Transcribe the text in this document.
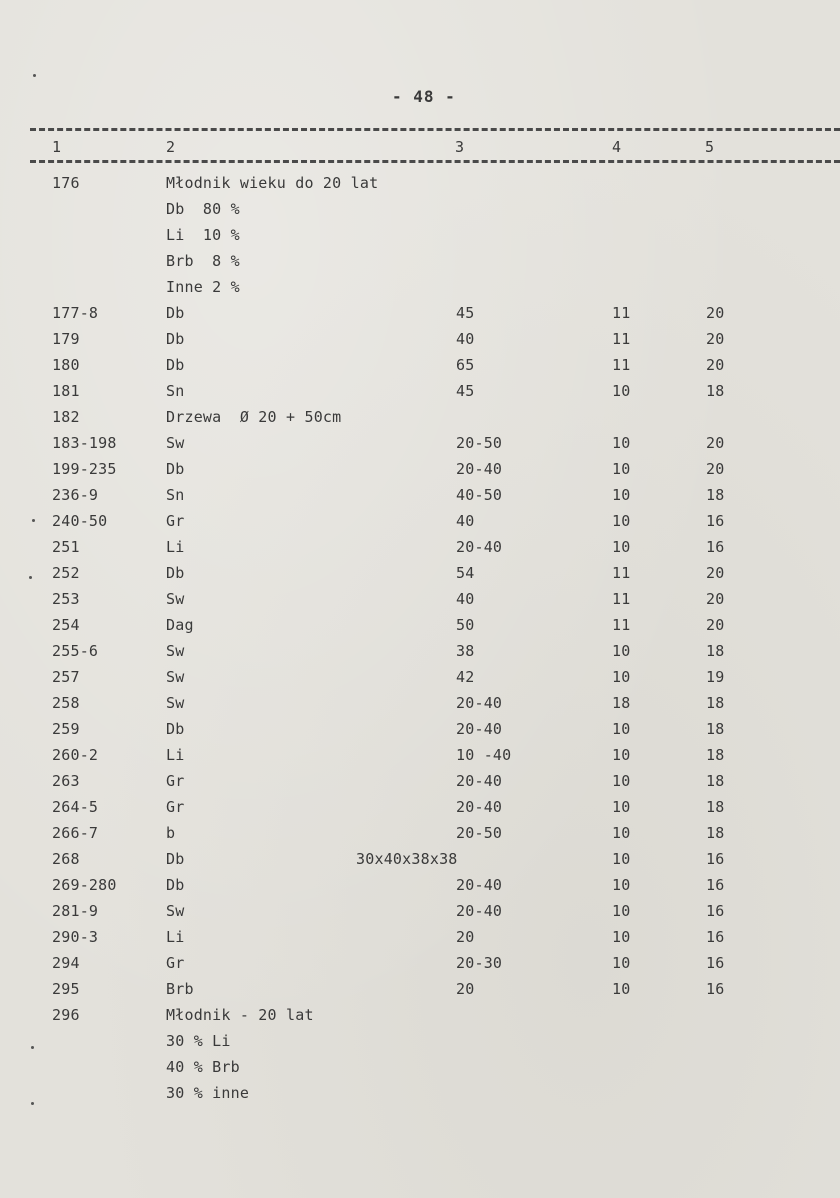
- 48 -
1	2	3	4	5
176	Młodnik wieku do 20 lat
Db  80 %
Li  10 %
Brb  8 %
Inne 2 %
177-8	Db	45	11	20
179	Db	40	11	20
180	Db	65	11	20
181	Sn	45	10	18
182	Drzewa  Ø 20 + 50cm
183-198	Sw	20-50	10	20
199-235	Db	20-40	10	20
236-9	Sn	40-50	10	18
240-50	Gr	40	10	16
251	Li	20-40	10	16
252	Db	54	11	20
253	Sw	40	11	20
254	Dag	50	11	20
255-6	Sw	38	10	18
257	Sw	42	10	19
258	Sw	20-40	18	18
259	Db	20-40	10	18
260-2	Li	10 -40	10	18
263	Gr	20-40	10	18
264-5	Gr	20-40	10	18
266-7	b	20-50	10	18
268	Db	30x40x38x38	10	16
269-280	Db	20-40	10	16
281-9	Sw	20-40	10	16
290-3	Li	20	10	16
294	Gr	20-30	10	16
295	Brb	20	10	16
296	Młodnik - 20 lat
30 % Li
40 % Brb
30 % inne
